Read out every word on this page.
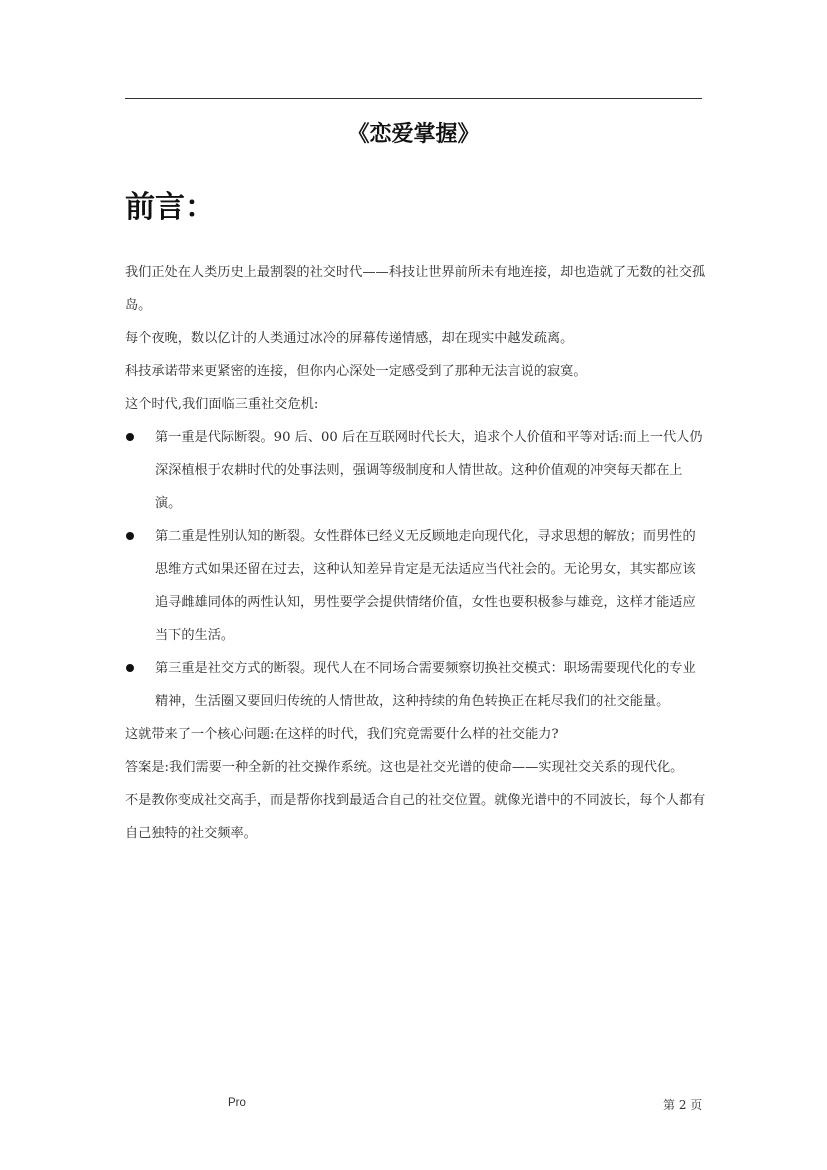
《恋爱掌握》
前言：

我们正处在人类历史上最割裂的社交时代——科技让世界前所未有地连接，却也造就了无数的社交孤岛。

每个夜晚，数以亿计的人类通过冰冷的屏幕传递情感，却在现实中越发疏离。

科技承诺带来更紧密的连接，但你内心深处一定感受到了那种无法言说的寂寞。

这个时代,我们面临三重社交危机:

第一重是代际断裂。90 后、00 后在互联网时代长大，追求个人价值和平等对话:而上一代人仍深深植根于农耕时代的处事法则，强调等级制度和人情世故。这种价值观的冲突每天都在上演。
第二重是性别认知的断裂。女性群体已经义无反顾地走向现代化，寻求思想的解放；而男性的思维方式如果还留在过去，这种认知差异肯定是无法适应当代社会的。无论男女，其实都应该追寻雌雄同体的两性认知，男性要学会提供情绪价值，女性也要积极参与雄竞，这样才能适应当下的生活。
第三重是社交方式的断裂。现代人在不同场合需要频察切换社交模式：职场需要现代化的专业精神，生活圈又要回归传统的人情世故，这种持续的角色转换正在耗尽我们的社交能量。

这就带来了一个核心问题:在这样的时代，我们究竟需要什么样的社交能力?

答案是:我们需要一种全新的社交操作系统。这也是社交光谱的使命——实现社交关系的现代化。

不是教你变成社交高手，而是帮你找到最适合自己的社交位置。就像光谱中的不同波长，每个人都有自己独特的社交频率。

Pro	第 2 页
